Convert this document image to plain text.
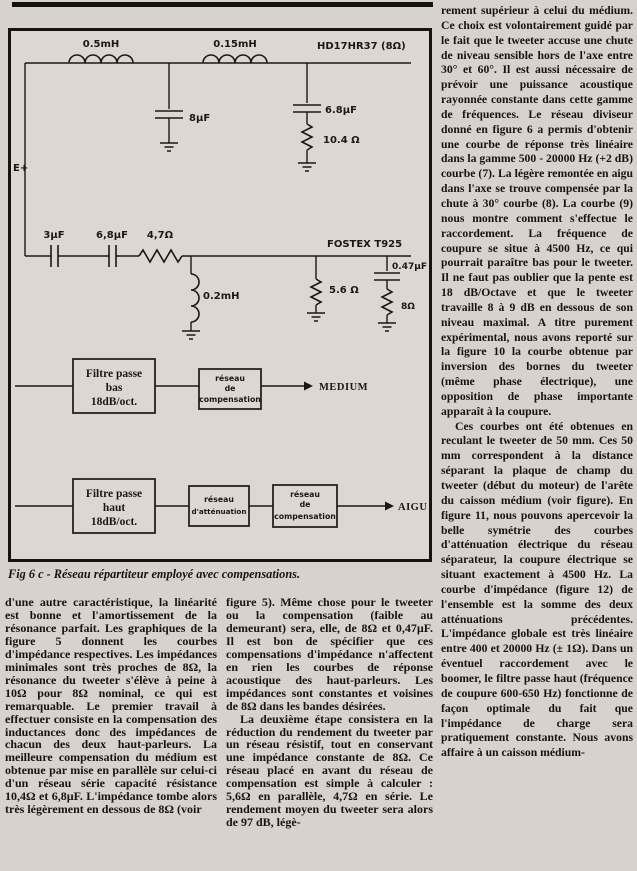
0.5mH	0.15mH	HD17HR37 (8Ω)
8µF
6.8µF
10.4 Ω
E+
3µF	6,8µF 4,7Ω
FOSTEX T925
0.2mH
5.6 Ω
0.47µF
8Ω
Filtre passe
bas
18dB/oct.
réseau
de
compensation
MEDIUM
Filtre passe
haut
18dB/oct.
réseau
d'atténuation
réseau
de
compensation
AIGU
Fig 6 c - Réseau répartiteur employé avec compensations.

d'une autre caractéristique, la linéarité est bonne et l'amortissement de la résonance parfait. Les graphiques de la figure 5 donnent les courbes d'impédance respectives. Les impédances minimales sont très proches de 8Ω, la résonance du tweeter s'élève à peine à 10Ω pour 8Ω nominal, ce qui est remarquable. Le premier travail à effectuer consiste en la compensation des inductances donc des impédances de chacun des deux haut-parleurs. La meilleure compensation du médium est obtenue par mise en parallèle sur celui-ci d'un réseau série capacité résistance 10,4Ω et 6,8µF. L'impédance tombe alors très légèrement en dessous de 8Ω (voir

figure 5). Même chose pour le tweeter ou la compensation (faible au demeurant) sera, elle, de 8Ω et 0,47µF. Il est bon de spécifier que ces compensations d'impédance n'affectent en rien les courbes de réponse acoustique des haut-parleurs. Les impédances sont constantes et voisines de 8Ω dans les bandes désirées.

La deuxième étape consistera en la réduction du rendement du tweeter par un réseau résistif, tout en conservant une impédance constante de 8Ω. Ce réseau placé en avant du réseau de compensation est simple à calculer : 5,6Ω en parallèle, 4,7Ω en série. Le rendement moyen du tweeter sera alors de 97 dB, légè-

rement supérieur à celui du médium. Ce choix est volontairement guidé par le fait que le tweeter accuse une chute de niveau sensible hors de l'axe entre 30° et 60°. Il est aussi nécessaire de prévoir une puissance acoustique rayonnée constante dans cette gamme de fréquences. Le réseau diviseur donné en figure 6 a permis d'obtenir une courbe de réponse très linéaire dans la gamme 500 - 20000 Hz (+2 dB) courbe (7). La légère remontée en aigu dans l'axe se trouve compensée par la chute à 30° courbe (8). La courbe (9) nous montre comment s'effectue le raccordement. La fréquence de coupure se situe à 4500 Hz, ce qui pourrait paraître bas pour le tweeter. Il ne faut pas oublier que la pente est 18 dB/Octave et que le tweeter travaille 8 à 9 dB en dessous de son niveau maximal. A titre purement expérimental, nous avons reporté sur la figure 10 la courbe obtenue par inversion des bornes du tweeter (même phase électrique), une opposition de phase importante apparaît à la coupure.

Ces courbes ont été obtenues en reculant le tweeter de 50 mm. Ces 50 mm correspondent à la distance séparant la plaque de champ du tweeter (début du moteur) de l'arête du caisson médium (voir figure). En figure 11, nous pouvons apercevoir la belle symétrie des courbes d'atténuation électrique du réseau séparateur, la coupure électrique se situant exactement à 4500 Hz. La courbe d'impédance (figure 12) de l'ensemble est la somme des deux atténuations précédentes. L'impédance globale est très linéaire entre 400 et 20000 Hz (± 1Ω). Dans un éventuel raccordement avec le boomer, le filtre passe haut (fréquence de coupure 600-650 Hz) fonctionne de façon optimale du fait que l'impédance de charge sera pratiquement constante. Nous avons affaire à un caisson médium-
